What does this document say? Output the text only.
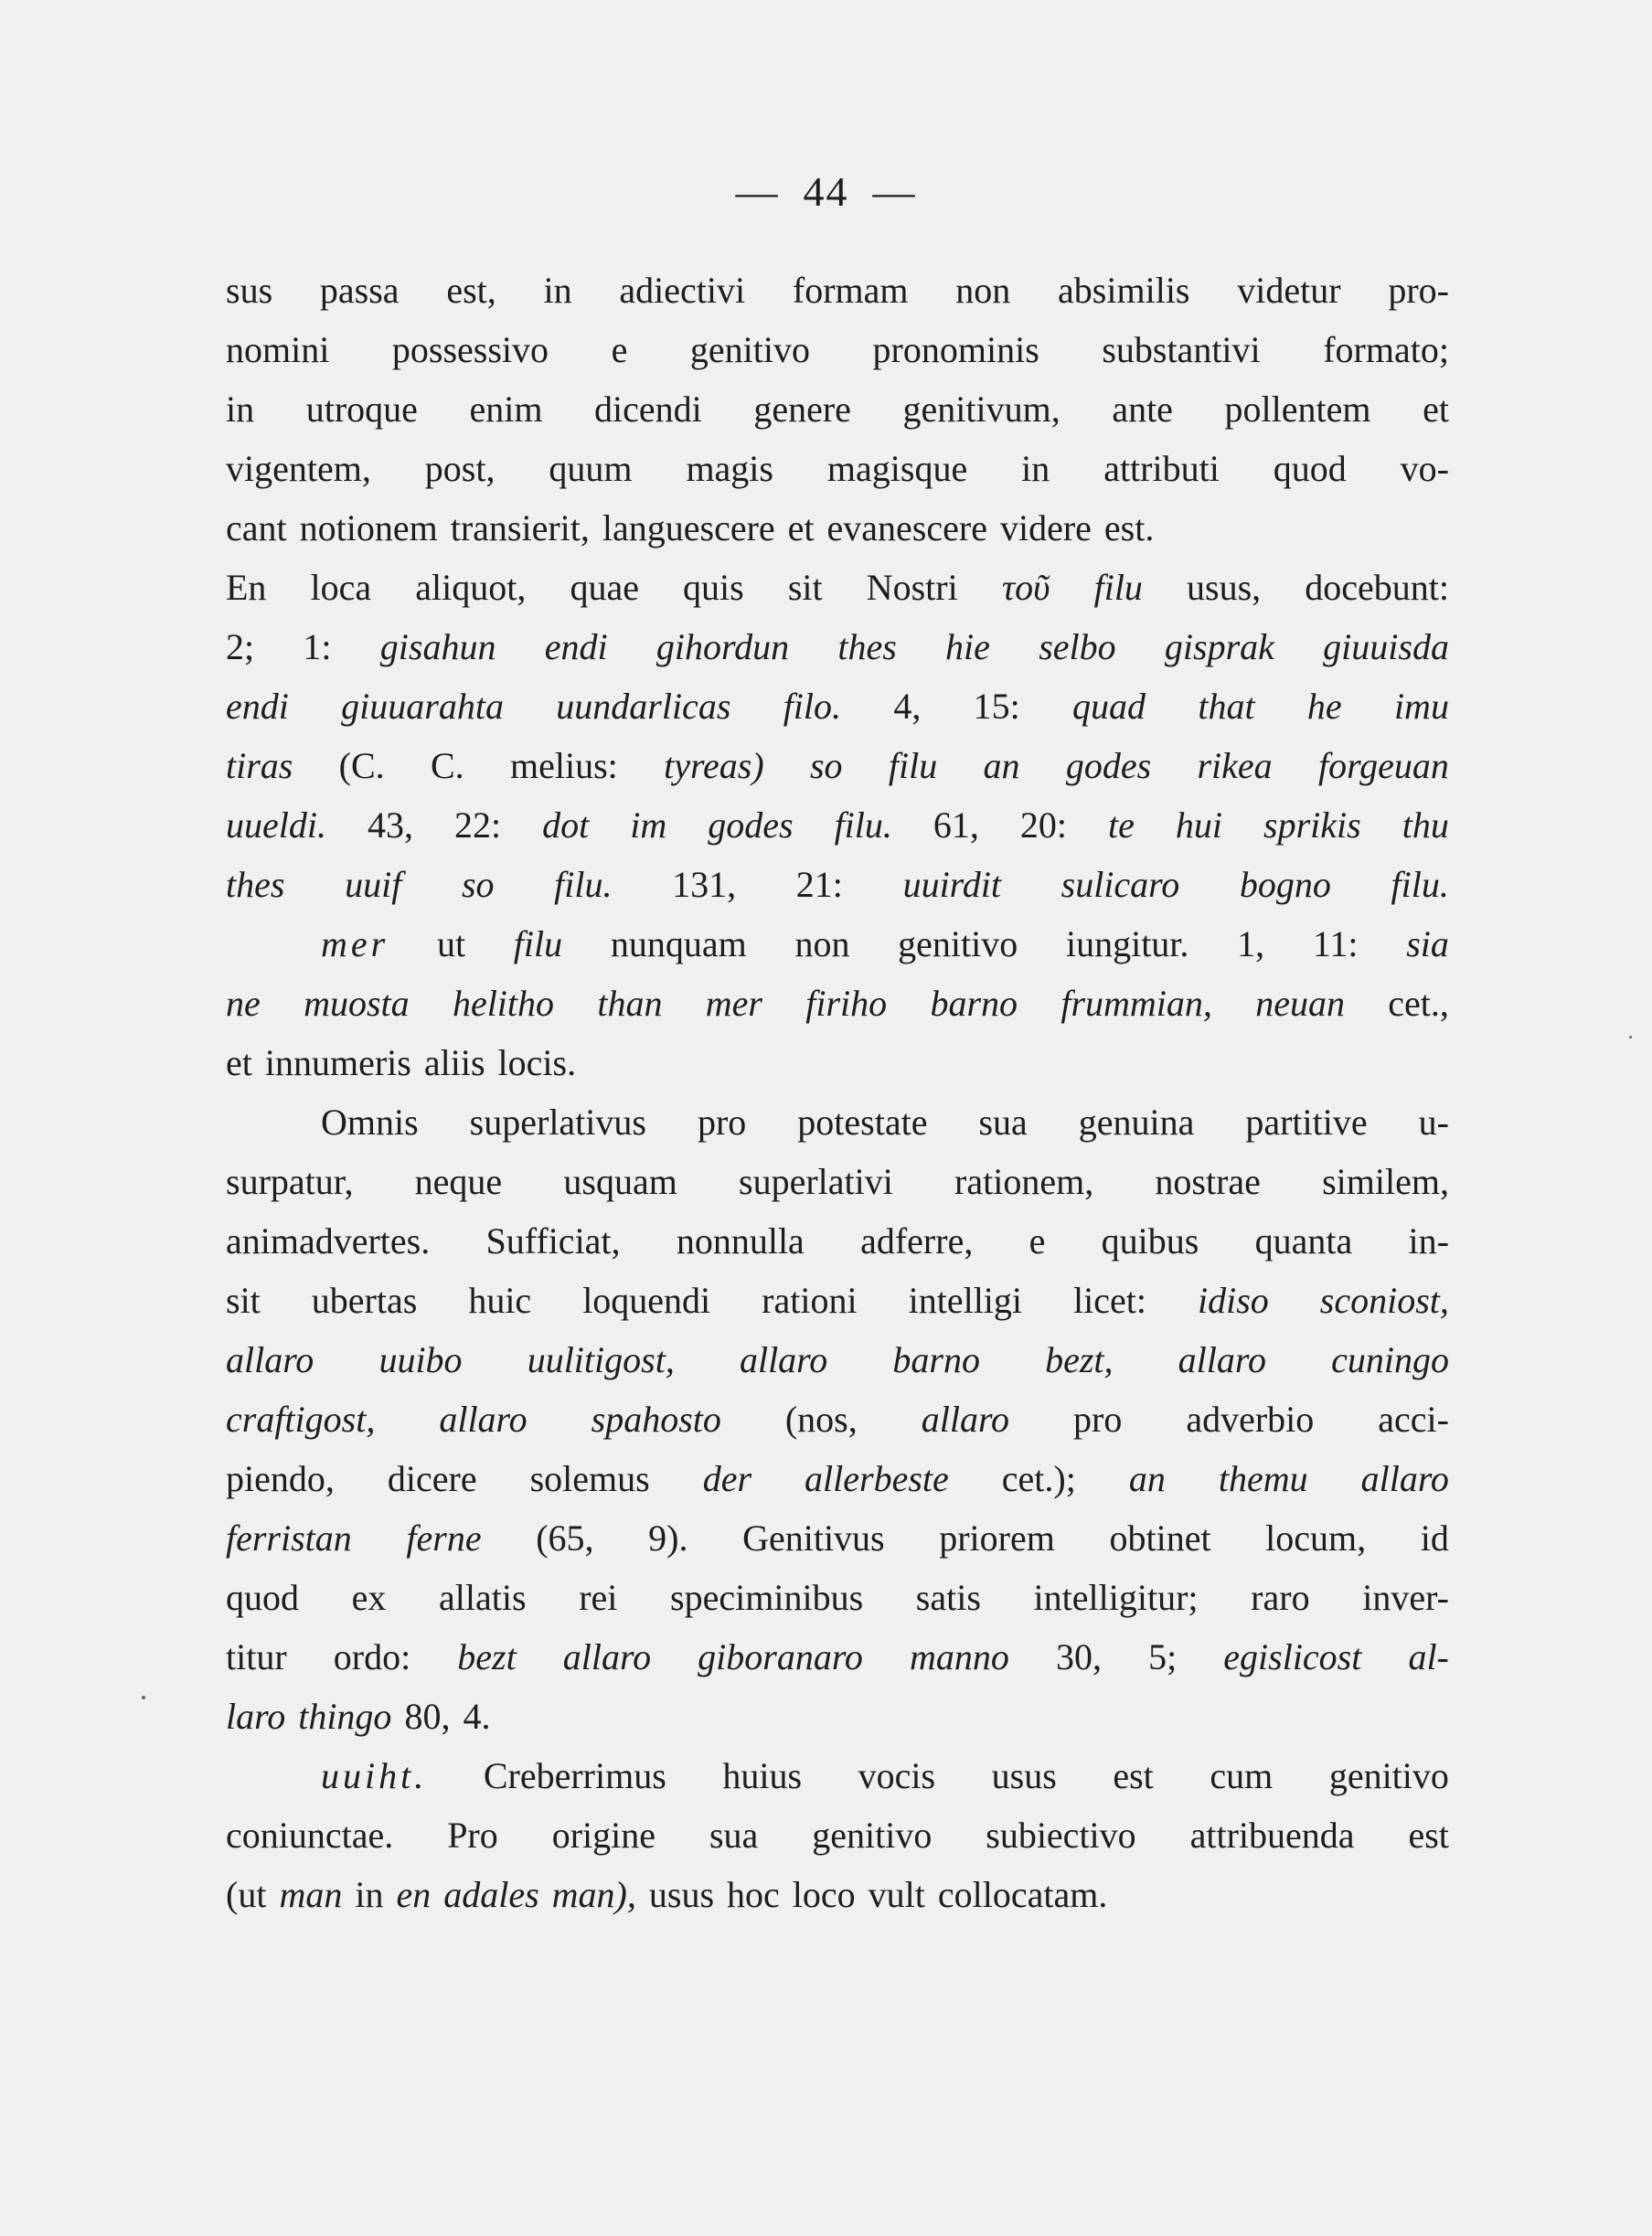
— 44 —
sus passa est, in adiectivi formam non absimilis videtur pro-
nomini possessivo e genitivo pronominis substantivi formato;
in utroque enim dicendi genere genitivum, ante pollentem et
vigentem, post, quum magis magisque in attributi quod vo-
cant notionem transierit, languescere et evanescere videre est.
En loca aliquot, quae quis sit Nostri τοῦ filu usus, docebunt:
2; 1: gisahun endi gihordun thes hie selbo gisprak giuuisda
endi giuuarahta uundarlicas filo. 4, 15: quad that he imu
tiras (C. C. melius: tyreas) so filu an godes rikea forgeuan
uueldi. 43, 22: dot im godes filu. 61, 20: te hui sprikis thu
thes uuif so filu. 131, 21: uuirdit sulicaro bogno filu.
mer ut filu nunquam non genitivo iungitur. 1, 11: sia
ne muosta helitho than mer firiho barno frummian, neuan cet.,
et innumeris aliis locis.
Omnis superlativus pro potestate sua genuina partitive u-
surpatur, neque usquam superlativi rationem, nostrae similem,
animadvertes. Sufficiat, nonnulla adferre, e quibus quanta in-
sit ubertas huic loquendi rationi intelligi licet: idiso sconiost,
allaro uuibo uulitigost, allaro barno bezt, allaro cuningo
craftigost, allaro spahosto (nos, allaro pro adverbio acci-
piendo, dicere solemus der allerbeste cet.); an themu allaro
ferristan ferne (65, 9). Genitivus priorem obtinet locum, id
quod ex allatis rei speciminibus satis intelligitur; raro inver-
titur ordo: bezt allaro giboranaro manno 30, 5; egislicost al-
laro thingo 80, 4.
uuiht. Creberrimus huius vocis usus est cum genitivo
coniunctae. Pro origine sua genitivo subiectivo attribuenda est
(ut man in en adales man), usus hoc loco vult collocatam.
